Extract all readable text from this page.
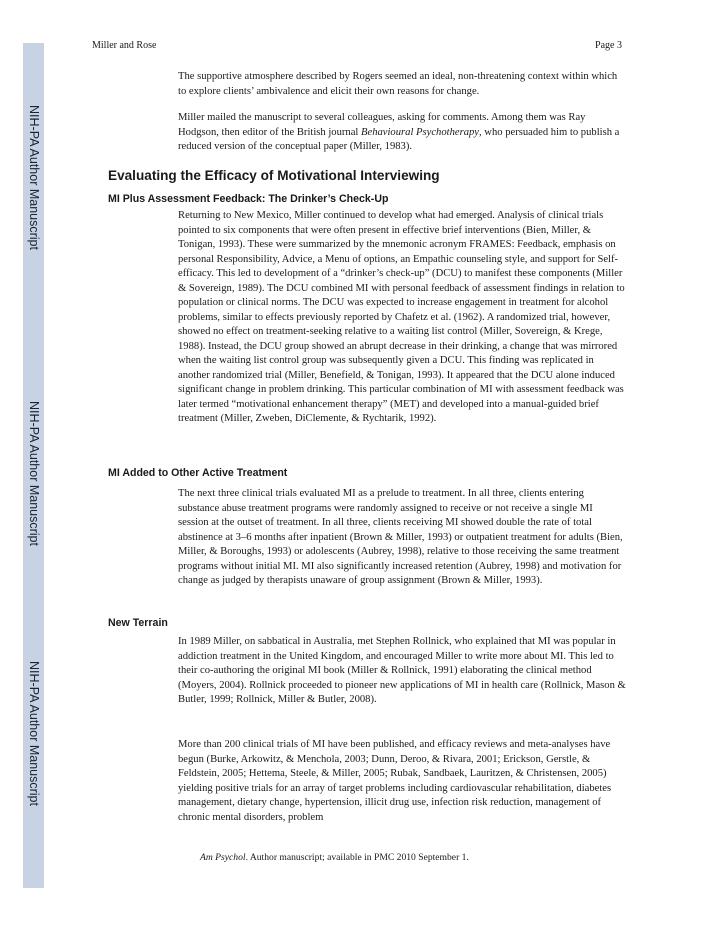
NIH-PA Author Manuscript
NIH-PA Author Manuscript
NIH-PA Author Manuscript
Miller and Rose	Page 3

The supportive atmosphere described by Rogers seemed an ideal, non-threatening context within which to explore clients’ ambivalence and elicit their own reasons for change.

Miller mailed the manuscript to several colleagues, asking for comments. Among them was Ray Hodgson, then editor of the British journal Behavioural Psychotherapy, who persuaded him to publish a reduced version of the conceptual paper (Miller, 1983).

Evaluating the Efficacy of Motivational Interviewing
MI Plus Assessment Feedback: The Drinker’s Check-Up

Returning to New Mexico, Miller continued to develop what had emerged. Analysis of clinical trials pointed to six components that were often present in effective brief interventions (Bien, Miller, & Tonigan, 1993). These were summarized by the mnemonic acronym FRAMES: Feedback, emphasis on personal Responsibility, Advice, a Menu of options, an Empathic counseling style, and support for Self-efficacy. This led to development of a “drinker’s check-up” (DCU) to manifest these components (Miller & Sovereign, 1989). The DCU combined MI with personal feedback of assessment findings in relation to population or clinical norms. The DCU was expected to increase engagement in treatment for alcohol problems, similar to effects previously reported by Chafetz et al. (1962). A randomized trial, however, showed no effect on treatment-seeking relative to a waiting list control (Miller, Sovereign, & Krege, 1988). Instead, the DCU group showed an abrupt decrease in their drinking, a change that was mirrored when the waiting list control group was subsequently given a DCU. This finding was replicated in another randomized trial (Miller, Benefield, & Tonigan, 1993). It appeared that the DCU alone induced significant change in problem drinking. This particular combination of MI with assessment feedback was later termed “motivational enhancement therapy” (MET) and developed into a manual-guided brief treatment (Miller, Zweben, DiClemente, & Rychtarik, 1992).

MI Added to Other Active Treatment

The next three clinical trials evaluated MI as a prelude to treatment. In all three, clients entering substance abuse treatment programs were randomly assigned to receive or not receive a single MI session at the outset of treatment. In all three, clients receiving MI showed double the rate of total abstinence at 3–6 months after inpatient (Brown & Miller, 1993) or outpatient treatment for adults (Bien, Miller, & Boroughs, 1993) or adolescents (Aubrey, 1998), relative to those receiving the same treatment programs without initial MI. MI also significantly increased retention (Aubrey, 1998) and motivation for change as judged by therapists unaware of group assignment (Brown & Miller, 1993).

New Terrain

In 1989 Miller, on sabbatical in Australia, met Stephen Rollnick, who explained that MI was popular in addiction treatment in the United Kingdom, and encouraged Miller to write more about MI. This led to their co-authoring the original MI book (Miller & Rollnick, 1991) elaborating the clinical method (Moyers, 2004). Rollnick proceeded to pioneer new applications of MI in health care (Rollnick, Mason & Butler, 1999; Rollnick, Miller & Butler, 2008).

More than 200 clinical trials of MI have been published, and efficacy reviews and meta-analyses have begun (Burke, Arkowitz, & Menchola, 2003; Dunn, Deroo, & Rivara, 2001; Erickson, Gerstle, & Feldstein, 2005; Hettema, Steele, & Miller, 2005; Rubak, Sandbaek, Lauritzen, & Christensen, 2005) yielding positive trials for an array of target problems including cardiovascular rehabilitation, diabetes management, dietary change, hypertension, illicit drug use, infection risk reduction, management of chronic mental disorders, problem

Am Psychol. Author manuscript; available in PMC 2010 September 1.
